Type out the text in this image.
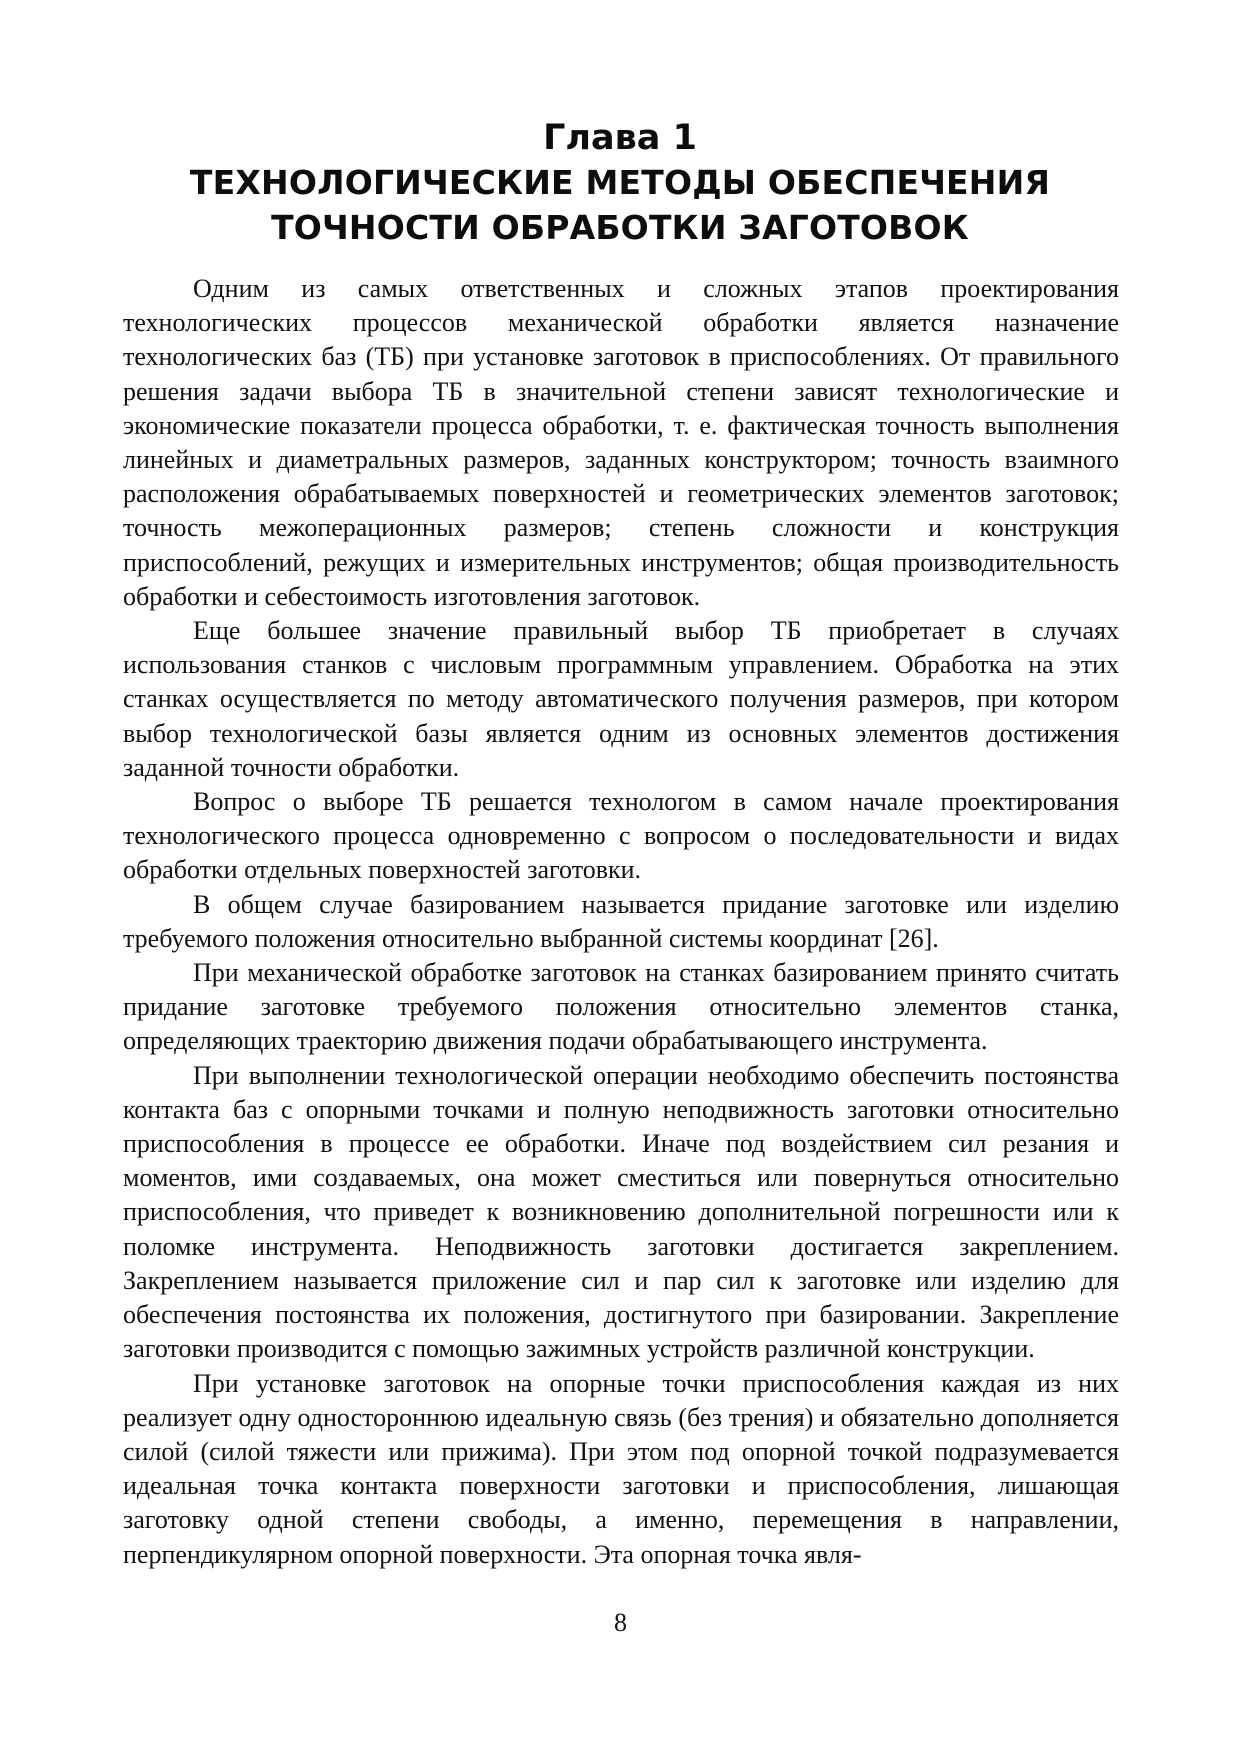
Глава 1
ТЕХНОЛОГИЧЕСКИЕ МЕТОДЫ ОБЕСПЕЧЕНИЯ
ТОЧНОСТИ ОБРАБОТКИ ЗАГОТОВОК

Одним из самых ответственных и сложных этапов проектирования технологических процессов механической обработки является назначение технологических баз (ТБ) при установке заготовок в приспособлениях. От правильного решения задачи выбора ТБ в значительной степени зависят технологические и экономические показатели процесса обработки, т. е. фактическая точность выполнения линейных и диаметральных размеров, заданных конструктором; точность взаимного расположения обрабатываемых поверхностей и геометрических элементов заготовок; точность межоперационных размеров; степень сложности и конструкция приспособлений, режущих и измерительных инструментов; общая производительность обработки и себестоимость изготовления заготовок.

Еще большее значение правильный выбор ТБ приобретает в случаях использования станков с числовым программным управлением. Обработка на этих станках осуществляется по методу автоматического получения размеров, при котором выбор технологической базы является одним из основных элементов достижения заданной точности обработки.

Вопрос о выборе ТБ решается технологом в самом начале проектирования технологического процесса одновременно с вопросом о последовательности и видах обработки отдельных поверхностей заготовки.

В общем случае базированием называется придание заготовке или изделию требуемого положения относительно выбранной системы координат [26].

При механической обработке заготовок на станках базированием принято считать придание заготовке требуемого положения относительно элементов станка, определяющих траекторию движения подачи обрабатывающего инструмента.

При выполнении технологической операции необходимо обеспечить постоянства контакта баз с опорными точками и полную неподвижность заготовки относительно приспособления в процессе ее обработки. Иначе под воздействием сил резания и моментов, ими создаваемых, она может сместиться или повернуться относительно приспособления, что приведет к возникновению дополнительной погрешности или к поломке инструмента. Неподвижность заготовки достигается закреплением. Закреплением называется приложение сил и пар сил к заготовке или изделию для обеспечения постоянства их положения, достигнутого при базировании. Закрепление заготовки производится с помощью зажимных устройств различной конструкции.

При установке заготовок на опорные точки приспособления каждая из них реализует одну одностороннюю идеальную связь (без трения) и обязательно дополняется силой (силой тяжести или прижима). При этом под опорной точкой подразумевается идеальная точка контакта поверхности заготовки и приспособления, лишающая заготовку одной степени свободы, а именно, перемещения в направлении, перпендикулярном опорной поверхности. Эта опорная точка явля-

8
